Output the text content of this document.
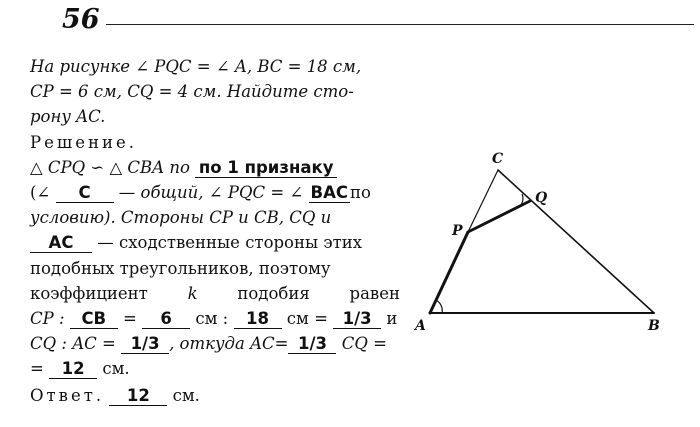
56
На рисунке ∠ PQC = ∠ A, BC = 18 см,
CP = 6 см, CQ = 4 см. Найдите сто-
рону AC.
Решение.
△ CPQ ∽ △ CBA по по 1 признаку
(∠ C — общий, ∠ PQC = ∠ BAC по
условию). Стороны CP и CB, CQ и
AC — сходственные стороны этих
подобных треугольников, поэтому
коэффициент k подобия равен
CP : CB = 6 см : 18 см = 1/3 и
CQ : AC = 1/3 , откуда AC= 1/3 CQ =
= 12 см.
Ответ. 12 см.
A	B
C
P
Q
